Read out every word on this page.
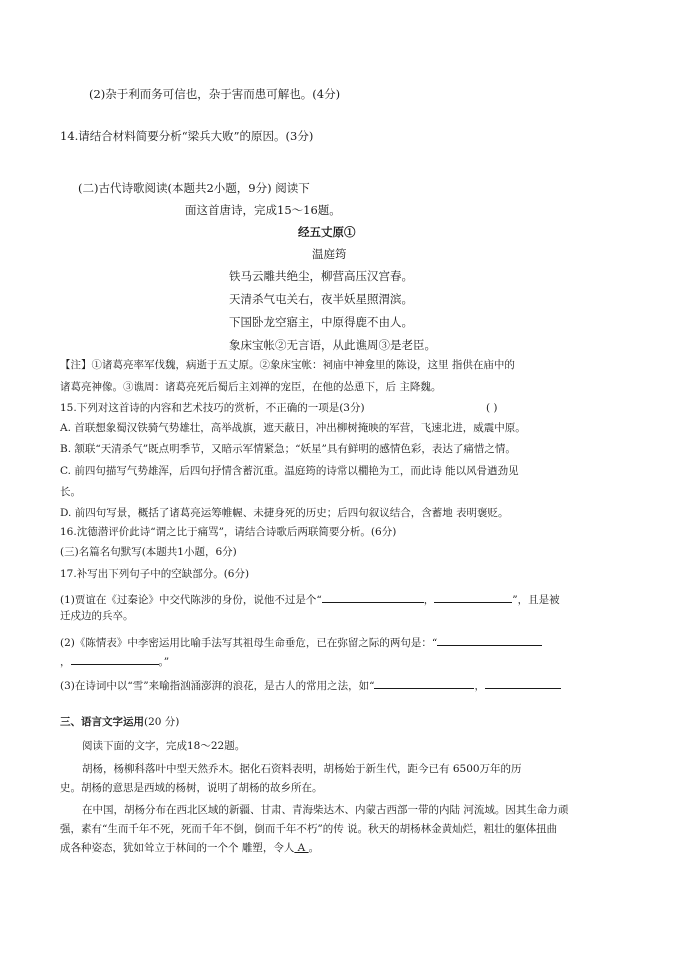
(2)杂于利而务可信也，杂于害而患可解也。(4分)
14.请结合材料简要分析“梁兵大败”的原因。(3分)
(二)古代诗歌阅读(本题共2小题，9分) 阅读下
面这首唐诗，完成15～16题。
经五丈原①
温庭筠
铁马云雕共绝尘，柳营高压汉宫春。
天清杀气屯关右，夜半妖星照渭滨。
下国卧龙空寤主，中原得鹿不由人。
象床宝帐②无言语，从此谯周③是老臣。
【注】①诸葛亮率军伐魏，病逝于五丈原。②象床宝帐：祠庙中神龛里的陈设，这里 指供在庙中的
诸葛亮神像。③谯周：诸葛亮死后蜀后主刘禅的宠臣，在他的怂恿下，后 主降魏。
15.下列对这首诗的内容和艺术技巧的赏析，不正确的一项是(3分)	( )
A. 首联想象蜀汉铁骑气势雄壮，高举战旗，遮天蔽日，冲出柳树掩映的军营，飞速北进，威震中原。
B. 颔联“天清杀气”既点明季节，又暗示军情紧急；“妖星”具有鲜明的感情色彩，表达了痛惜之情。
C. 前四句描写气势雄浑，后四句抒情含蓄沉重。温庭筠的诗常以橌艳为工，而此诗 能以风骨遒劲见
长。
D. 前四句写景，概括了诸葛亮运筹帷幄、未捷身死的历史；后四句叙议结合，含蓄地 表明褒贬。
16.沈德潜评价此诗“谓之比于痛骂”，请结合诗歌后两联简要分析。(6分)
(三)名篇名句默写(本题共1小题，6分)
17.补写出下列句子中的空缺部分。(6分)
(1)贾谊在《过秦论》中交代陈涉的身份，说他不过是个“	，	”，且是被
迁戍边的兵卒。
(2)《陈情表》中李密运用比喻手法写其祖母生命垂危，已在弥留之际的两句是：“
，	。”
(3)在诗词中以“雪”来喻指汹涌澎湃的浪花，是古人的常用之法，如“	，
三、语言文字运用(20 分)
阅读下面的文字，完成18～22题。
胡杨，杨柳科落叶中型天然乔木。据化石资料表明，胡杨始于新生代，距今已有 6500万年的历
史。胡杨的意思是西域的杨树，说明了胡杨的故乡所在。
在中国，胡杨分布在西北区域的新疆、甘肃、青海柴达木、内蒙古西部一带的内陆 河流域。因其生命力顽
强，素有“生而千年不死，死而千年不倒，倒而千年不朽”的传 说。秋天的胡杨林金黄灿烂，粗壮的躯体扭曲
成各种姿态，犹如耸立于林间的一个个 雕塑，令人 A 。
